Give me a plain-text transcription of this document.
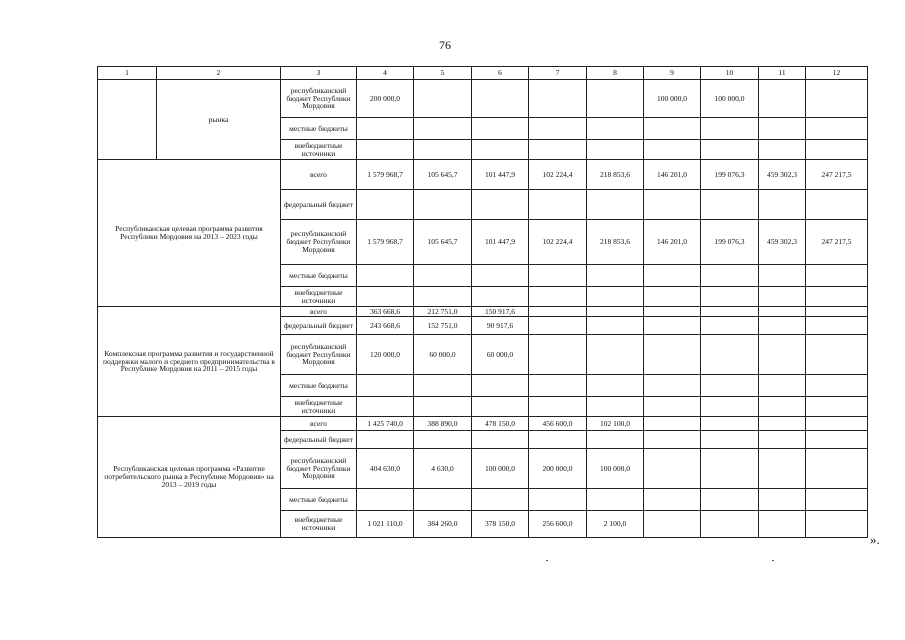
76
1	2	3	4	5	6	7	8	9	10	11	12
	рынка	республиканский бюджет Республики Мордовия	200 000,0					100 000,0	100 000,0		
		местные бюджеты									
		внебюджетные источники									
Республиканская целевая программа развития Республики Мордовия на 2013 – 2023 годы		всего	1 579 968,7	105 645,7	101 447,9	102 224,4	218 853,6	146 201,0	199 076,3	459 302,3	247 217,5
		федеральный бюджет									
		республиканский бюджет Республики Мордовия	1 579 968,7	105 645,7	101 447,9	102 224,4	218 853,6	146 201,0	199 076,3	459 302,3	247 217,5
		местные бюджеты									
		внебюджетные источники									
Комплексная программа развития и государственной поддержки малого и среднего предпринимательства в Республике Мордовия на 2011 – 2015 годы		всего	363 668,6	212 751,0	150 917,6						
		федеральный бюджет	243 668,6	152 751,0	90 917,6						
		республиканский бюджет Республики Мордовия	120 000,0	60 000,0	60 000,0						
		местные бюджеты									
		внебюджетные источники									
Республиканская целевая программа «Развитие потребительского рынка в Республике Мордовия» на 2013 – 2019 годы		всего	1 425 740,0	388 890,0	478 150,0	456 600,0	102 100,0				
		федеральный бюджет									
		республиканский бюджет Республики Мордовия	404 630,0	4 630,0	100 000,0	200 000,0	100 000,0				
		местные бюджеты									
		внебюджетные источники	1 021 110,0	384 260,0	378 150,0	256 600,0	2 100,0				
».
